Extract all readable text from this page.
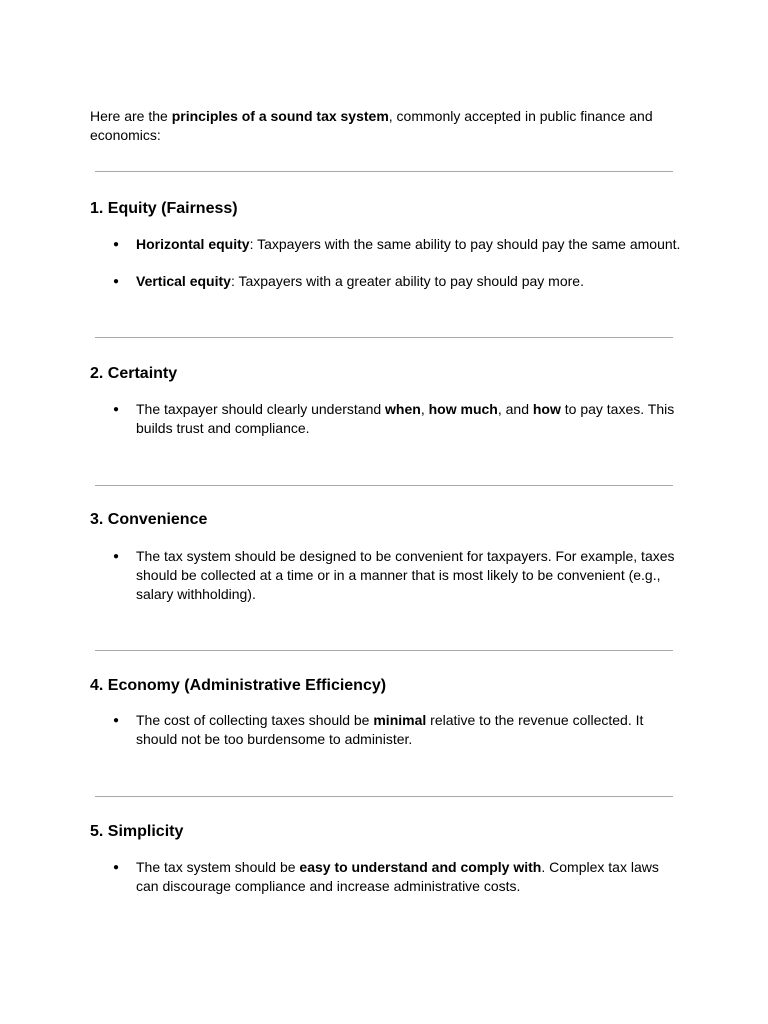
Here are the principles of a sound tax system, commonly accepted in public finance and economics:

1. Equity (Fairness)

● Horizontal equity: Taxpayers with the same ability to pay should pay the same amount.

● Vertical equity: Taxpayers with a greater ability to pay should pay more.

2. Certainty

● The taxpayer should clearly understand when, how much, and how to pay taxes. This builds trust and compliance.

3. Convenience

● The tax system should be designed to be convenient for taxpayers. For example, taxes should be collected at a time or in a manner that is most likely to be convenient (e.g., salary withholding).

4. Economy (Administrative Efficiency)

● The cost of collecting taxes should be minimal relative to the revenue collected. It should not be too burdensome to administer.

5. Simplicity

● The tax system should be easy to understand and comply with. Complex tax laws can discourage compliance and increase administrative costs.
